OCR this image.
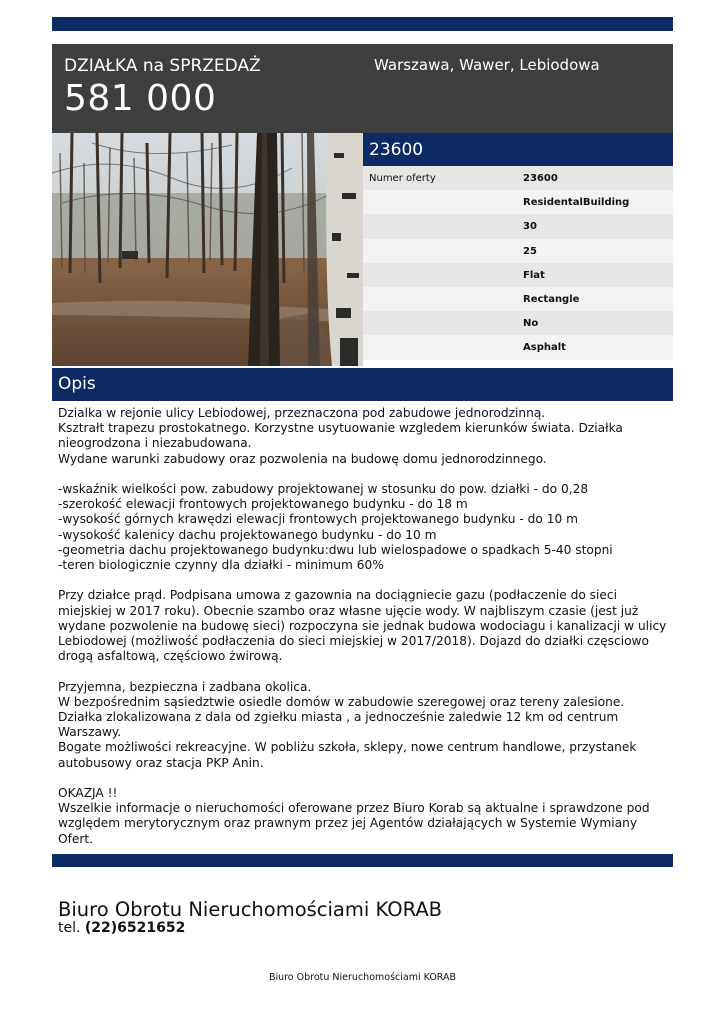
DZIAŁKA na SPRZEDAŻ
581 000
Warszawa, Wawer, Lebiodowa
23600
Numer oferty	23600
ResidentalBuilding
30
25
Flat
Rectangle
No
Asphalt
Opis

Dzialka w rejonie ulicy Lebiodowej, przeznaczona pod zabudowe jednorodzinną.
Ksztrałt trapezu prostokatnego. Korzystne usytuowanie wzgledem kierunków świata. Działka nieogrodzona i niezabudowana.
Wydane warunki zabudowy oraz pozwolenia na budowę domu jednorodzinnego.

-wskaźnik wielkości pow. zabudowy projektowanej w stosunku do pow. działki - do 0,28
-szerokość elewacji frontowych projektowanego budynku - do 18 m
-wysokość górnych krawędzi elewacji frontowych projektowanego budynku - do 10 m
-wysokość kalenicy dachu projektowanego budynku - do 10 m
-geometria dachu projektowanego budynku:dwu lub wielospadowe o spadkach 5-40 stopni
-teren biologicznie czynny dla działki - minimum 60%

Przy działce prąd. Podpisana umowa z gazownia na dociągniecie gazu (podłaczenie do sieci miejskiej w 2017 roku). Obecnie szambo oraz własne ujęcie wody. W najbliszym czasie (jest już wydane pozwolenie na budowę sieci) rozpoczyna sie jednak budowa wodociagu i kanalizacji w ulicy Lebiodowej (możliwość podłaczenia do sieci miejskiej w 2017/2018). Dojazd do działki częsciowo drogą asfaltową, częściowo żwirową.

Przyjemna, bezpieczna i zadbana okolica.
W bezpośrednim sąsiedztwie osiedle domów w zabudowie szeregowej oraz tereny zalesione.
Działka zlokalizowana z dala od zgiełku miasta , a jednocześnie zaledwie 12 km od centrum Warszawy.
Bogate możliwości rekreacyjne. W pobliżu szkoła, sklepy, nowe centrum handlowe, przystanek autobusowy oraz stacja PKP Anin.

OKAZJA !!
Wszelkie informacje o nieruchomości oferowane przez Biuro Korab są aktualne i sprawdzone pod względem merytorycznym oraz prawnym przez jej Agentów działających w Systemie Wymiany Ofert.

Biuro Obrotu Nieruchomościami KORAB
tel. (22)6521652
Biuro Obrotu Nieruchomościami KORAB
